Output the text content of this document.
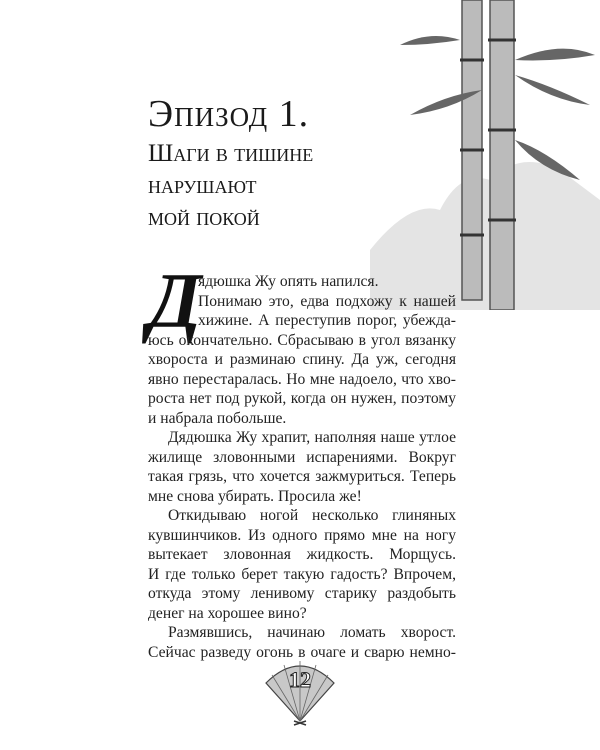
Эпизод 1.
Шаги в тишине
нарушают
мой покой
Д
ядюшка Жу опять напился.
Понимаю это, едва подхожу к нашей
хижине. А переступив порог, убежда-
юсь окончательно. Сбрасываю в угол вязанку
хвороста и разминаю спину. Да уж, сегодня
явно перестаралась. Но мне надоело, что хво-
роста нет под рукой, когда он нужен, поэтому
и набрала побольше.
Дядюшка Жу храпит, наполняя наше утлое
жилище зловонными испарениями. Вокруг
такая грязь, что хочется зажмуриться. Теперь
мне снова убирать. Просила же!
Откидываю ногой несколько глиняных
кувшинчиков. Из одного прямо мне на ногу
вытекает зловонная жидкость. Морщусь.
И где только берет такую гадость? Впрочем,
откуда этому ленивому старику раздобыть
денег на хорошее вино?
Размявшись, начинаю ломать хворост.
Сейчас разведу огонь в очаге и сварю немно-
12
